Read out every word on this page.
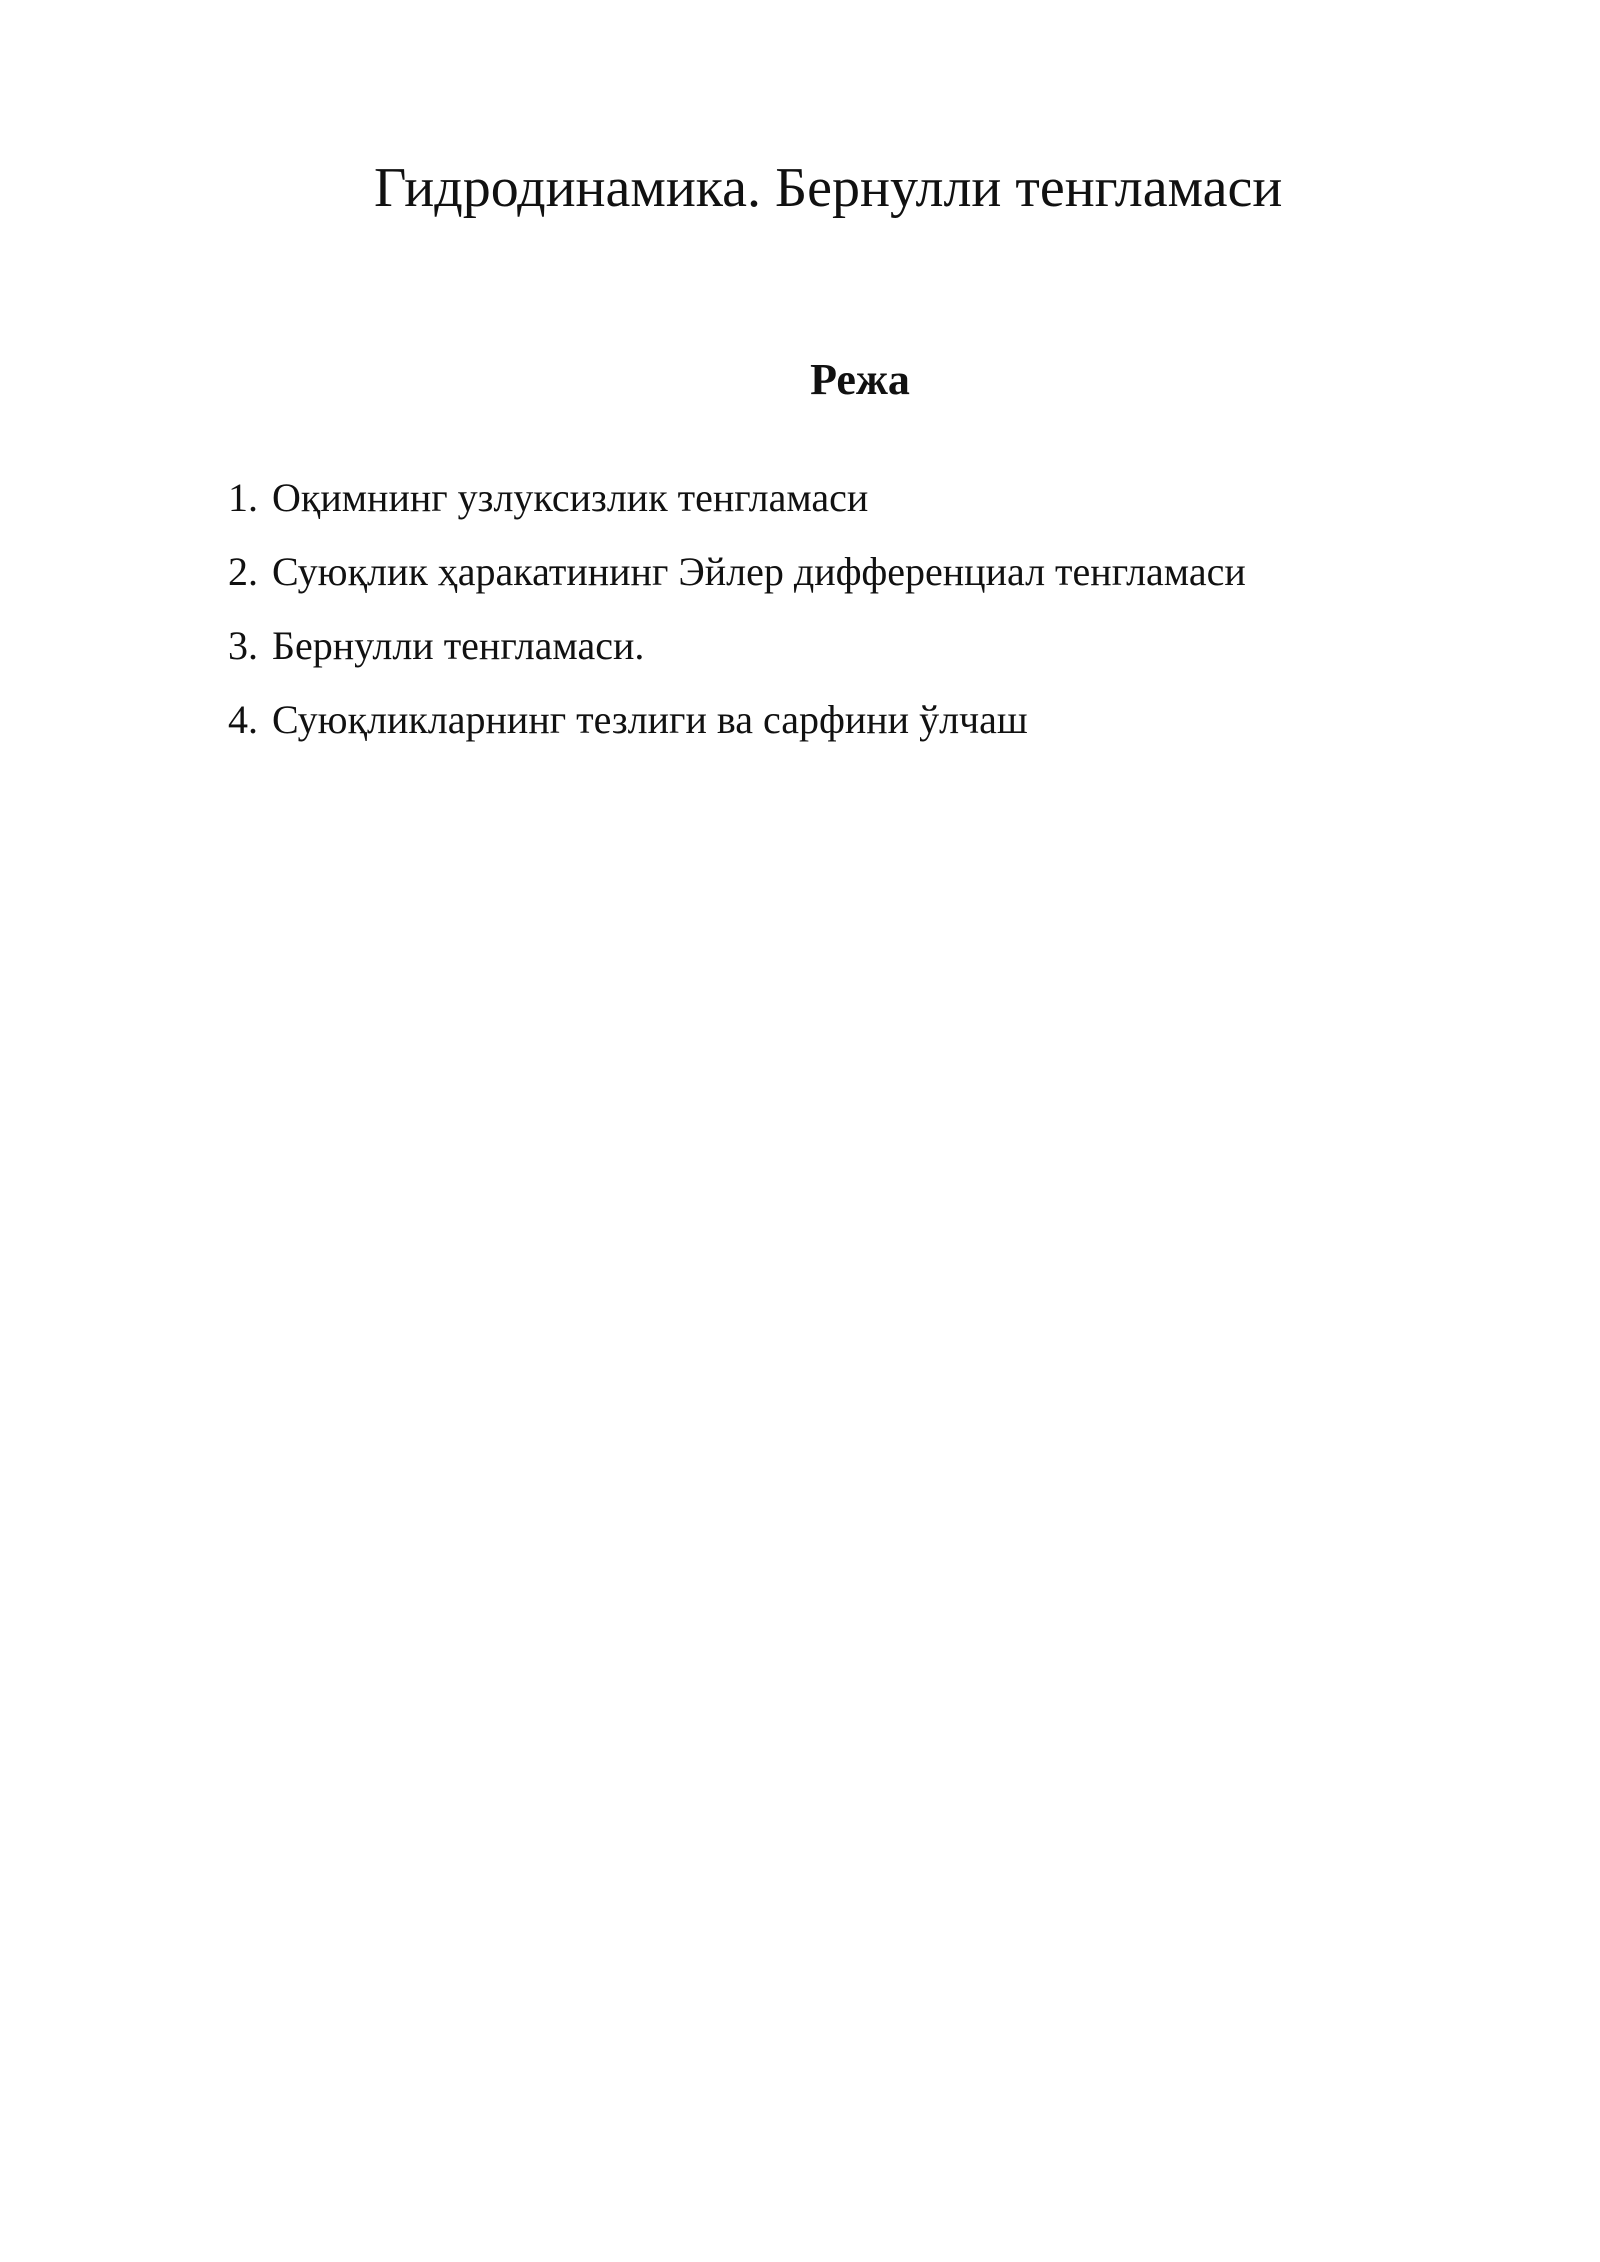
Гидродинамика. Бернулли тенгламаси
Режа
1. Оқимнинг узлуксизлик тенгламаси
2. Суюқлик ҳаракатининг Эйлер дифференциал тенгламаси
3. Бернулли тенгламаси.
4. Суюқликларнинг тезлиги ва сарфини ўлчаш
